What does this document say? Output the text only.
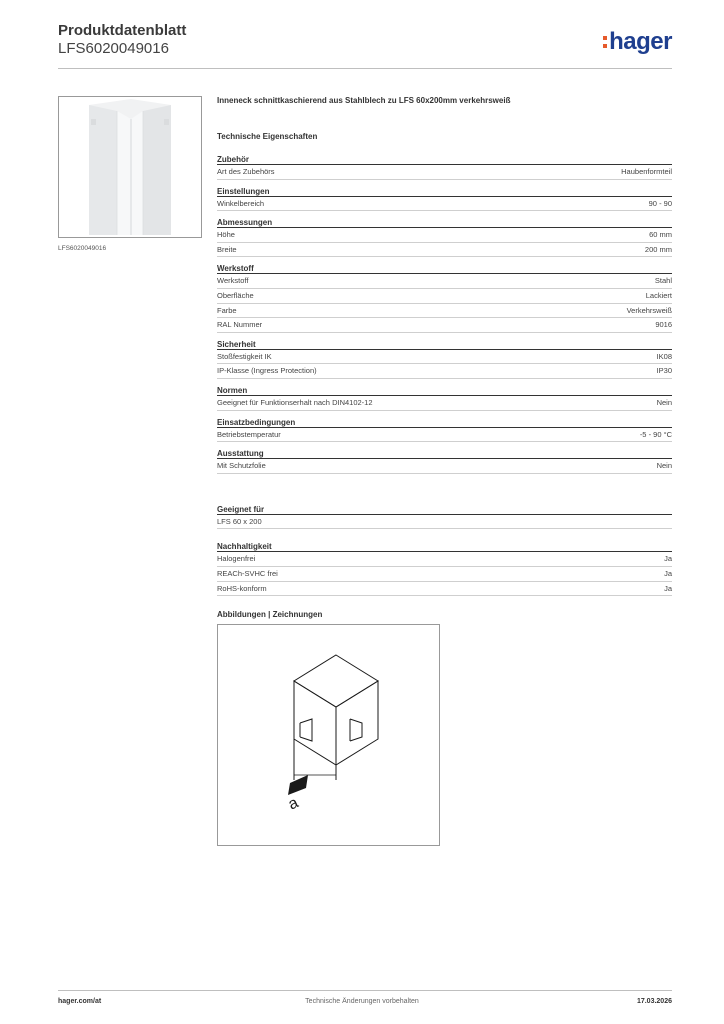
Produktdatenblatt
LFS6020049016	hager
LFS6020049016
Inneneck schnittkaschierend aus Stahlblech zu LFS 60x200mm verkehrsweiß
Technische Eigenschaften
Zubehör
Art des Zubehörs	Haubenformteil
Einstellungen
Winkelbereich	90 - 90
Abmessungen
Höhe	60 mm
Breite	200 mm
Werkstoff
Werkstoff	Stahl
Oberfläche	Lackiert
Farbe	Verkehrsweiß
RAL Nummer	9016
Sicherheit
Stoßfestigkeit IK	IK08
IP-Klasse (Ingress Protection)	IP30
Normen
Geeignet für Funktionserhalt nach DIN4102-12	Nein
Einsatzbedingungen
Betriebstemperatur	-5 - 90 °C
Ausstattung
Mit Schutzfolie	Nein
Geeignet für
LFS 60 x 200
Nachhaltigkeit
Halogenfrei	Ja
REACh-SVHC frei	Ja
RoHS-konform	Ja
Abbildungen | Zeichnungen
a
hager.com/at	Technische Änderungen vorbehalten	17.03.2026
